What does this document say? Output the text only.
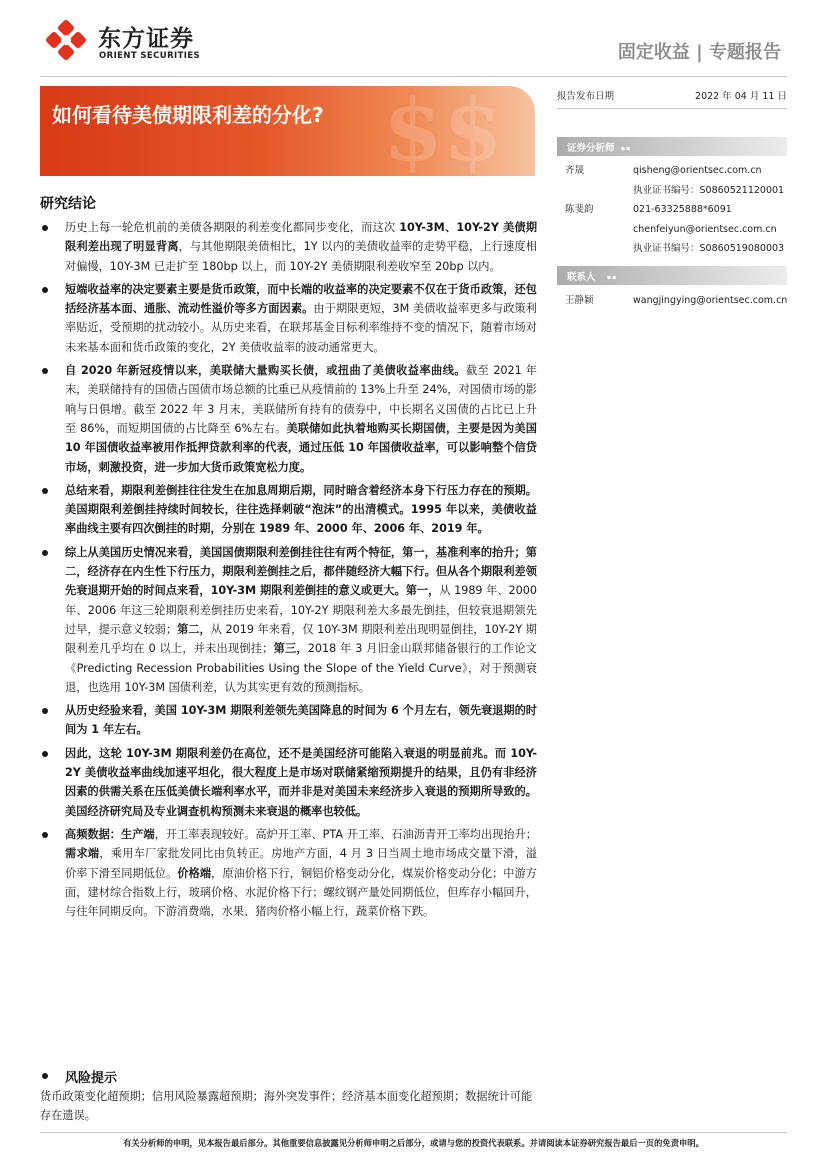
东方证券
ORIENT SECURITIES	固定收益 | 专题报告
$$
如何看待美债期限利差的分化?
研究结论

历史上每一轮危机前的美债各期限的利差变化都同步变化，而这次 10Y-3M、10Y-2Y 美债期限利差出现了明显背离，与其他期限美债相比，1Y 以内的美债收益率的走势平稳，上行速度相对偏慢，10Y-3M 已走扩至 180bp 以上，而 10Y-2Y 美债期限利差收窄至 20bp 以内。

短端收益率的决定要素主要是货币政策，而中长端的收益率的决定要素不仅在于货币政策，还包括经济基本面、通胀、流动性溢价等多方面因素。由于期限更短，3M 美债收益率更多与政策利率贴近，受预期的扰动较小。从历史来看，在联邦基金目标利率维持不变的情况下，随着市场对未来基本面和货币政策的变化，2Y 美债收益率的波动通常更大。

自 2020 年新冠疫情以来，美联储大量购买长债，或扭曲了美债收益率曲线。截至 2021 年末，美联储持有的国债占国债市场总额的比重已从疫情前的 13%上升至 24%，对国债市场的影响与日俱增。截至 2022 年 3 月末，美联储所有持有的债券中，中长期名义国债的占比已上升至 86%，而短期国债的占比降至 6%左右。美联储如此执着地购买长期国债，主要是因为美国 10 年国债收益率被用作抵押贷款利率的代表，通过压低 10 年国债收益率，可以影响整个信贷市场，刺激投资，进一步加大货币政策宽松力度。

总结来看，期限利差倒挂往往发生在加息周期后期，同时暗含着经济本身下行压力存在的预期。美国期限利差倒挂持续时间较长，往往选择刺破“泡沫”的出清模式。1995 年以来，美债收益率曲线主要有四次倒挂的时期，分别在 1989 年、2000 年、2006 年、2019 年。

综上从美国历史情况来看，美国国债期限利差倒挂往往有两个特征，第一，基准利率的抬升；第二，经济存在内生性下行压力，期限利差倒挂之后，都伴随经济大幅下行。但从各个期限利差领先衰退期开始的时间点来看，10Y-3M 期限利差倒挂的意义或更大。第一，从 1989 年、2000 年、2006 年这三轮期限利差倒挂历史来看，10Y-2Y 期限利差大多最先倒挂，但较衰退期领先过早，提示意义较弱；第二，从 2019 年来看，仅 10Y-3M 期限利差出现明显倒挂，10Y-2Y 期限利差几乎均在 0 以上，并未出现倒挂；第三，2018 年 3 月旧金山联邦储备银行的工作论文《Predicting Recession Probabilities Using the Slope of the Yield Curve》，对于预测衰退，也选用 10Y-3M 国债利差，认为其实更有效的预测指标。

从历史经验来看，美国 10Y-3M 期限利差领先美国降息的时间为 6 个月左右，领先衰退期的时间为 1 年左右。

因此，这轮 10Y-3M 期限利差仍在高位，还不是美国经济可能陷入衰退的明显前兆。而 10Y-2Y 美债收益率曲线加速平坦化，很大程度上是市场对联储紧缩预期提升的结果，且仍有非经济因素的供需关系在压低美债长端利率水平，而并非是对美国未来经济步入衰退的预期所导致的。美国经济研究局及专业调查机构预测未来衰退的概率也较低。

高频数据：生产端，开工率表现较好。高炉开工率、PTA 开工率、石油沥青开工率均出现抬升；需求端，乘用车厂家批发同比由负转正。房地产方面，4 月 3 日当周土地市场成交量下滑，溢价率下滑至同期低位。价格端，原油价格下行，铜铝价格变动分化，煤炭价格变动分化；中游方面，建材综合指数上行，玻璃价格、水泥价格下行；螺纹钢产量处同期低位，但库存小幅回升，与往年同期反向。下游消费端，水果、猪肉价格小幅上行，蔬菜价格下跌。

风险提示
货币政策变化超预期；信用风险暴露超预期；海外突发事件；经济基本面变化超预期；数据统计可能存在遗误。
有关分析师的申明，见本报告最后部分。其他重要信息披露见分析师申明之后部分，或请与您的投资代表联系。并请阅读本证券研究报告最后一页的免责申明。
报告发布日期	2022 年 04 月 11 日
证券分析师 ▪▪
齐晟	qisheng@orientsec.com.cn
执业证书编号：S0860521120001
陈斐韵	021-63325888*6091
chenfeiyun@orientsec.com.cn
执业证书编号：S0860519080003
联系人 ▪▪
王静颖	wangjingying@orientsec.com.cn
